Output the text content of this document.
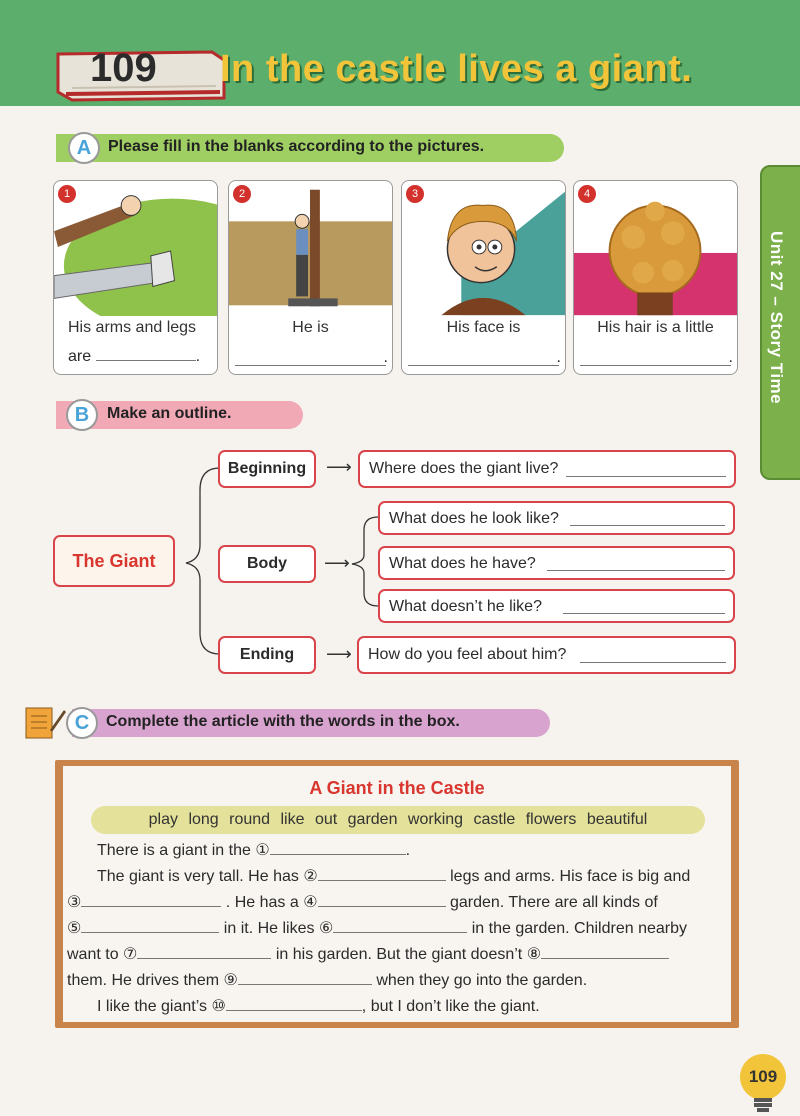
109 In the castle lives a giant.
Unit 27 – Story Time
A	Please fill in the blanks according to the pictures.
1
His arms and legs
are	.
2
He is
.
3
His face is
.
4
His hair is a little
.
B	Make an outline.
The Giant
Beginning	⟶ Where does the giant live?
Body	⟶
What does he look like?
What does he have?
What doesn’t he like?
Ending	⟶ How do you feel about him?
C	Complete the article with the words in the box.
A Giant in the Castle
play long round like out garden working castle flowers beautiful
There is a giant in the ①	.
The giant is very tall. He has ②	legs and arms. His face is big and
③	. He has a ④	garden. There are all kinds of
⑤	in it. He likes ⑥	in the garden. Children nearby
want to ⑦	in his garden. But the giant doesn’t ⑧
them. He drives them ⑨	when they go into the garden.
I like the giant’s ⑩	, but I don’t like the giant.
109
